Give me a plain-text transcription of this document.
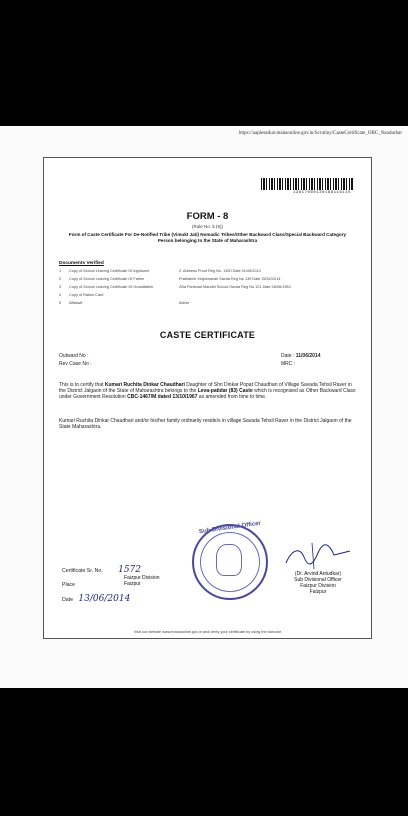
https://aaplesarkar.mahaonline.gov.in/Scrutiny/CasteCertificate_OBC_Nandurbar
12617060130188116115
FORM - 8
(Rule No. 5 (6))
Form of Caste Certificate For De-Notified Tribe (Vimukt Jati) Nomadic Tribes/Other Backward Class/Special Backward Category Person belonging to the State of Maharashtra
Documents Verified
1	Copy of School Leaving Certificate Of Applicant	2. Address Proof Reg No. 1350 Date 01/06/2014
2	Copy of School Leaving Certificate Of Father	Prathamik Vidyamandir Savda Reg No 139 Date 25/02/2014
3	Copy of School Leaving Certificate Of Grandfather	Zilla Parishad Marathi School Savda Reg No 121 Date 28/06/1953
4	Copy of Ration Card
5	Affidavit	Active
CASTE CERTIFICATE
Outward No :
Rev Case No :
Date : 11/06/2014
MRC :
This is to certify that Kumari Ruchita Dinkar Chaudhari Daughter of Shri Dinkar Popat Chaudhari of Village Savada Tehsil Raver in the District Jalgaon of the State of Maharashtra belongs to the Leva-patidar (83) Caste which is recognised as Other Backward Class under Government Resolution CBC-1467/M dated 13/10/1967 as amended from time to time.
Kumari Ruchita Dinkar Chaudhari and/or his/her family ordinarily reside/s in village Savada Tehsil Raver in the District Jalgaon of the State Maharashtra.
Sub Divisional Officer
Certificate Sr. No. 1572
Place
Date 13/06/2014
Faizpur Division
Faizpur
(Dr. Arvind Antudkar)
Sub Divisional Officer
Faizpur Division
Faizpur
Visit our website www.mahaonline.gov.in and verify your certificate by using the barcode
